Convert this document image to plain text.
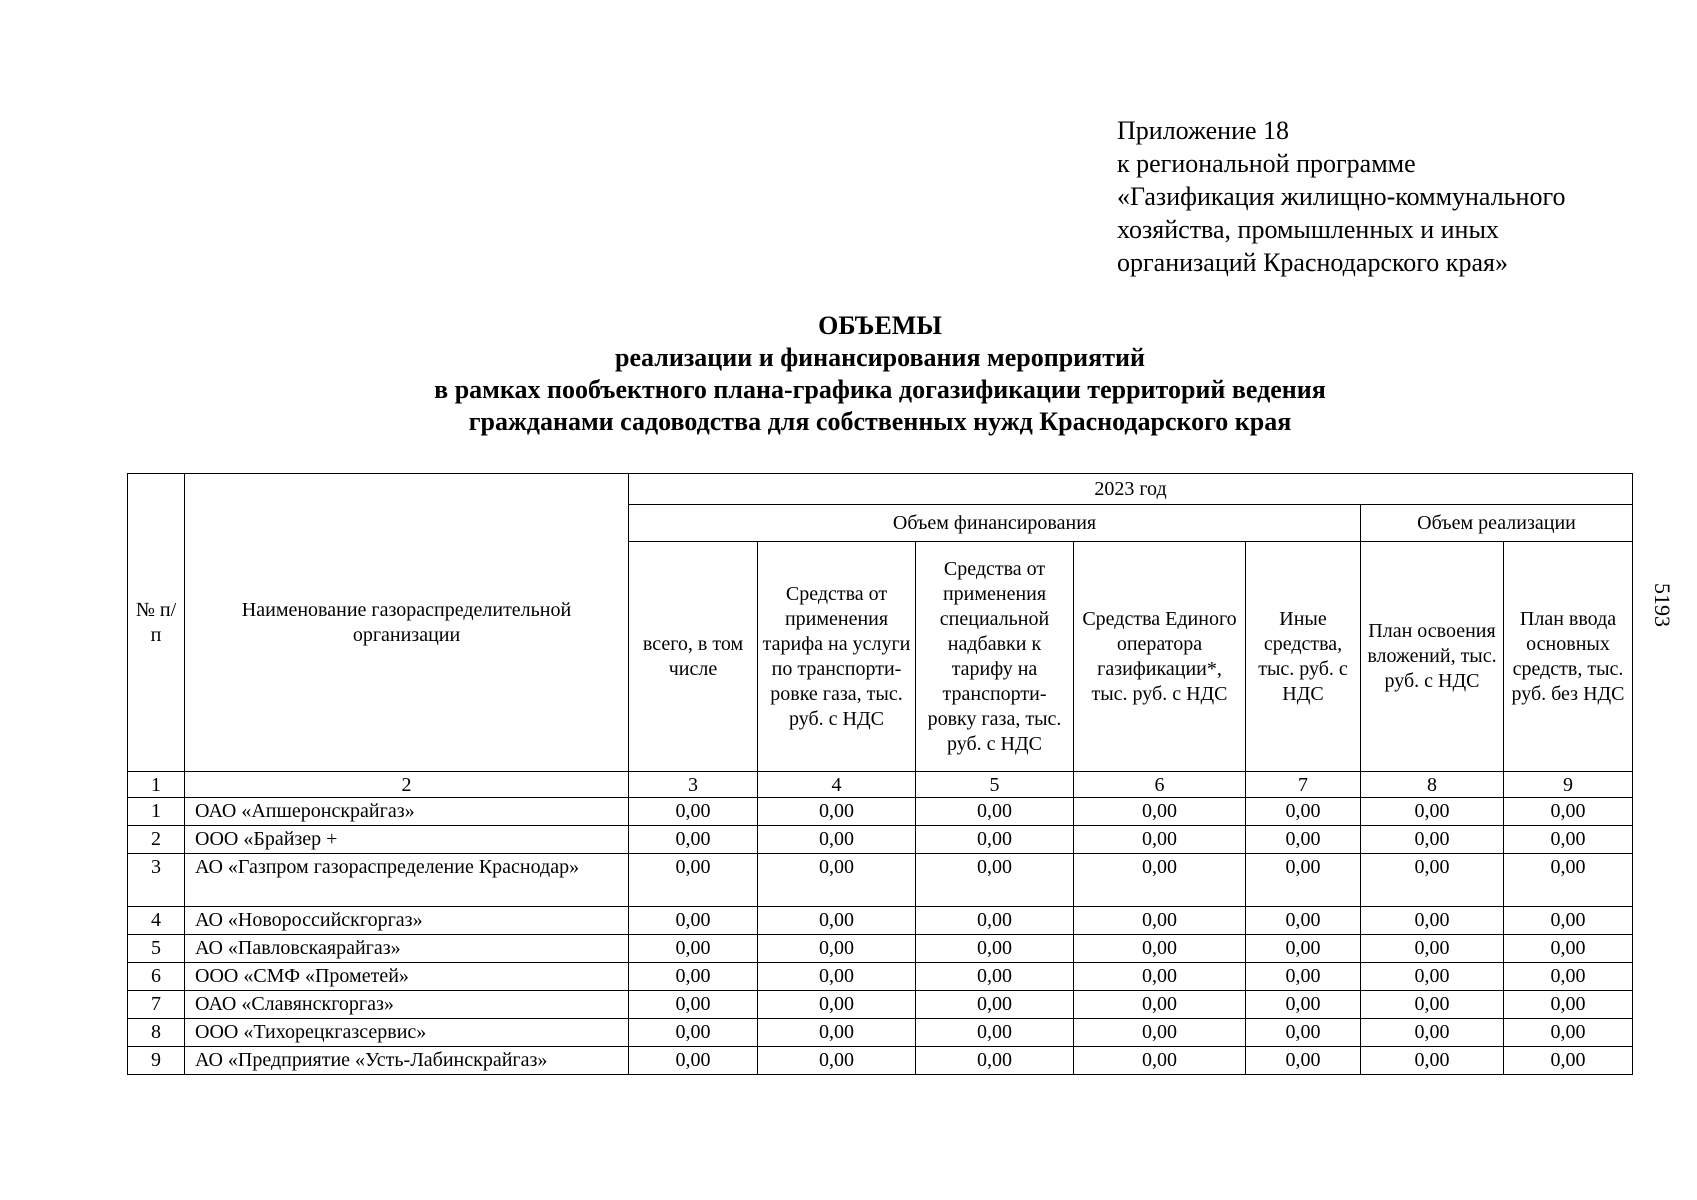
Приложение 18
к региональной программе
«Газификация жилищно-коммунального
хозяйства, промышленных и иных
организаций Краснодарского края»
ОБЪЕМЫ
реализации и финансирования мероприятий
в рамках пообъектного плана-графика догазификации территорий ведения
гражданами садоводства для собственных нужд Краснодарского края
5193
№ п/п	Наименование газораспределительной организации	2023 год						
		Объем финансирования					Объем реализации	
		всего, в том числе	Средства от применения тарифа на услуги по транспорти-ровке газа, тыс. руб. с НДС	Средства от применения специальной надбавки к тарифу на транспорти-ровку газа, тыс. руб. с НДС	Средства Единого оператора газификации*, тыс. руб. с НДС	Иные средства, тыс. руб. с НДС	План освоения вложений, тыс. руб. с НДС	План ввода основных средств, тыс. руб. без НДС
1	2	3	4	5	6	7	8	9
1	ОАО «Апшеронскрайгаз»	0,00	0,00	0,00	0,00	0,00	0,00	0,00
2	ООО «Брайзер +	0,00	0,00	0,00	0,00	0,00	0,00	0,00
3	АО «Газпром газораспределение Краснодар»	0,00	0,00	0,00	0,00	0,00	0,00	0,00
4	АО «Новороссийскгоргаз»	0,00	0,00	0,00	0,00	0,00	0,00	0,00
5	АО «Павловскаярайгаз»	0,00	0,00	0,00	0,00	0,00	0,00	0,00
6	ООО «СМФ «Прометей»	0,00	0,00	0,00	0,00	0,00	0,00	0,00
7	ОАО «Славянскгоргаз»	0,00	0,00	0,00	0,00	0,00	0,00	0,00
8	ООО «Тихорецкгазсервис»	0,00	0,00	0,00	0,00	0,00	0,00	0,00
9	АО «Предприятие «Усть-Лабинскрайгаз»	0,00	0,00	0,00	0,00	0,00	0,00	0,00
